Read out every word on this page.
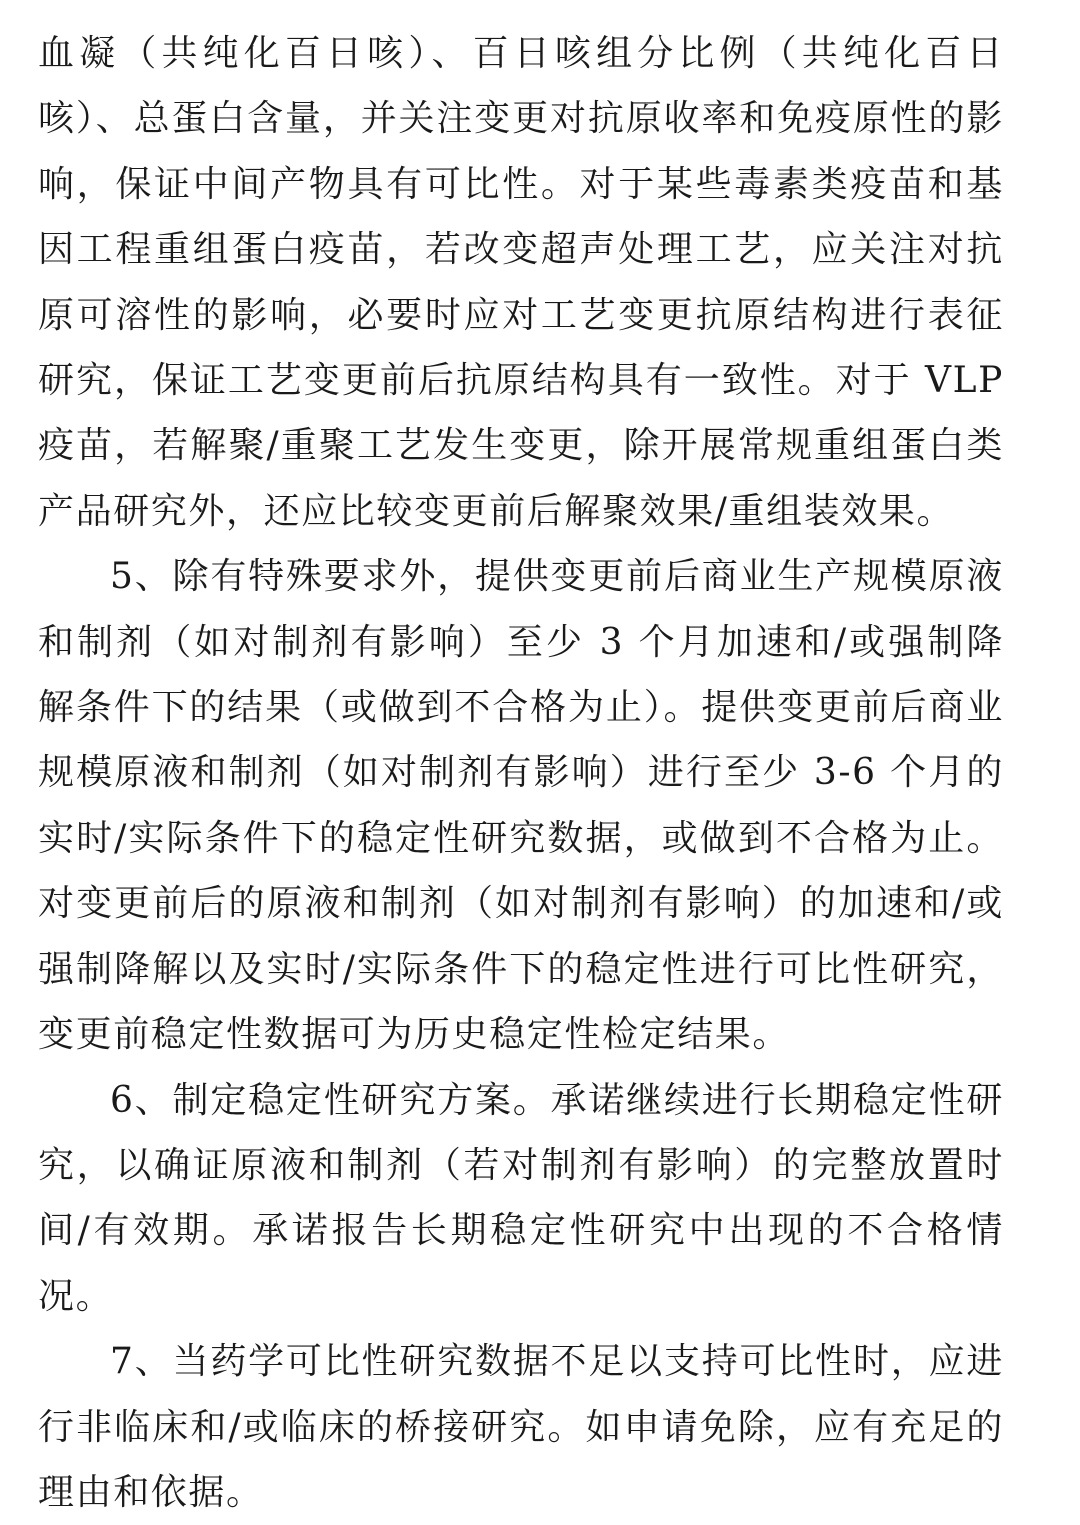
血凝（共纯化百日咳）、百日咳组分比例（共纯化百日咳）、总蛋白含量，并关注变更对抗原收率和免疫原性的影响，保证中间产物具有可比性。对于某些毒素类疫苗和基因工程重组蛋白疫苗，若改变超声处理工艺，应关注对抗原可溶性的影响，必要时应对工艺变更抗原结构进行表征研究，保证工艺变更前后抗原结构具有一致性。对于 VLP 疫苗，若解聚/重聚工艺发生变更，除开展常规重组蛋白类产品研究外，还应比较变更前后解聚效果/重组装效果。

5、除有特殊要求外，提供变更前后商业生产规模原液和制剂（如对制剂有影响）至少 3 个月加速和/或强制降解条件下的结果（或做到不合格为止）。提供变更前后商业规模原液和制剂（如对制剂有影响）进行至少 3-6 个月的实时/实际条件下的稳定性研究数据，或做到不合格为止。对变更前后的原液和制剂（如对制剂有影响）的加速和/或强制降解以及实时/实际条件下的稳定性进行可比性研究，变更前稳定性数据可为历史稳定性检定结果。

6、制定稳定性研究方案。承诺继续进行长期稳定性研究，以确证原液和制剂（若对制剂有影响）的完整放置时间/有效期。承诺报告长期稳定性研究中出现的不合格情况。

7、当药学可比性研究数据不足以支持可比性时，应进行非临床和/或临床的桥接研究。如申请免除，应有充足的理由和依据。
